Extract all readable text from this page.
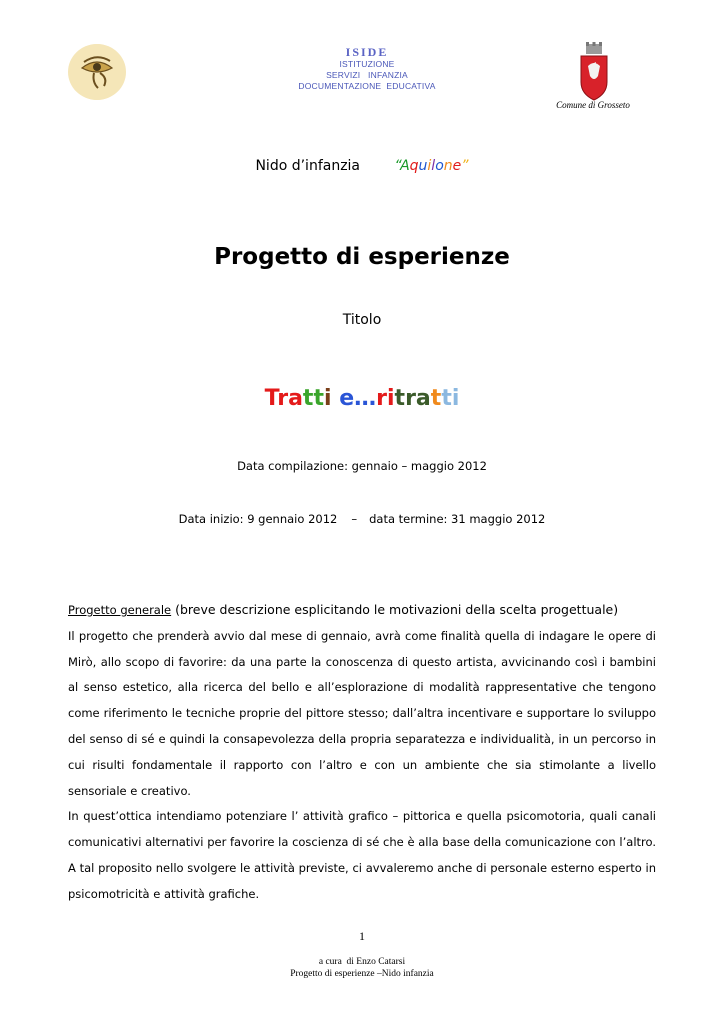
ISIDE
ISTITUZIONE
SERVIZI   INFANZIA
DOCUMENTAZIONE  EDUCATIVA
Comune di Grosseto
Nido d’infanzia “Aquilone”
Progetto di esperienze
Titolo
Tratti e…ritratti
Data compilazione: gennaio – maggio 2012
Data inizio: 9 gennaio 2012 – data termine: 31 maggio 2012

Progetto generale (breve descrizione esplicitando le motivazioni della scelta progettuale)

Il progetto che prenderà avvio dal mese di gennaio, avrà come finalità quella di indagare le opere di Mirò, allo scopo di favorire: da una parte la conoscenza di questo artista, avvicinando così i bambini al senso estetico, alla ricerca del bello e all’esplorazione di modalità rappresentative che tengono come riferimento le tecniche proprie del pittore stesso; dall’altra incentivare e supportare lo sviluppo del senso di sé e quindi la consapevolezza della propria separatezza e individualità, in un percorso in cui risulti fondamentale il rapporto con l’altro e con un ambiente che sia stimolante a livello sensoriale e creativo.

In quest’ottica intendiamo potenziare l’ attività grafico – pittorica e quella psicomotoria, quali canali comunicativi alternativi per favorire la coscienza di sé che è alla base della comunicazione con l’altro. A tal proposito nello svolgere le attività previste, ci avvaleremo anche di personale esterno esperto in psicomotricità e attività grafiche.

1
a cura  di Enzo Catarsi
Progetto di esperienze –Nido infanzia
